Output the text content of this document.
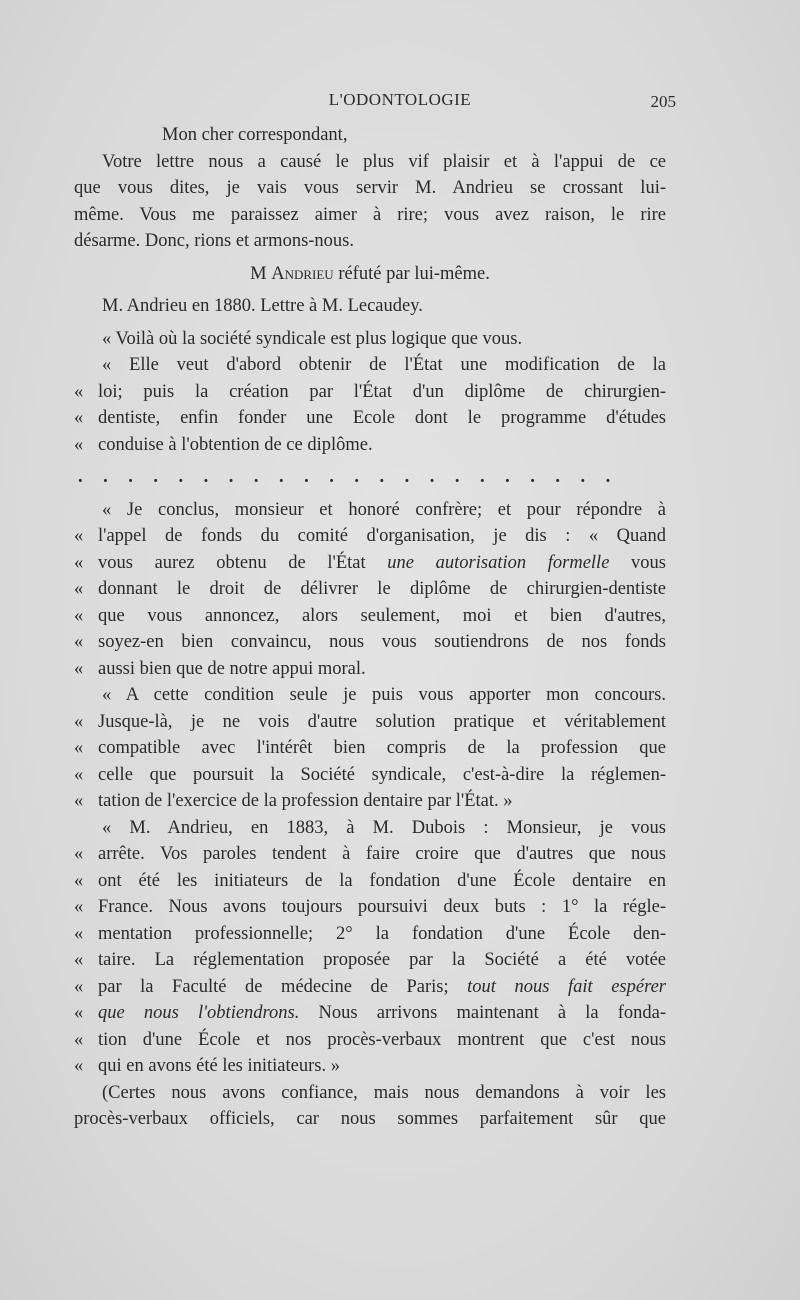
L'ODONTOLOGIE	205
Mon cher correspondant,
Votre lettre nous a causé le plus vif plaisir et à l'appui de ce
que vous dites, je vais vous servir M. Andrieu se crossant lui-
même. Vous me paraissez aimer à rire; vous avez raison, le rire
désarme. Donc, rions et armons-nous.
M Andrieu réfuté par lui-même.
M. Andrieu en 1880. Lettre à M. Lecaudey.
« Voilà où la société syndicale est plus logique que vous.
« Elle veut d'abord obtenir de l'État une modification de la
« loi; puis la création par l'État d'un diplôme de chirurgien-
« dentiste, enfin fonder une Ecole dont le programme d'études
« conduise à l'obtention de ce diplôme.
......................
« Je conclus, monsieur et honoré confrère; et pour répondre à
« l'appel de fonds du comité d'organisation, je dis : « Quand
« vous aurez obtenu de l'État une autorisation formelle vous
« donnant le droit de délivrer le diplôme de chirurgien-dentiste
« que vous annoncez, alors seulement, moi et bien d'autres,
« soyez-en bien convaincu, nous vous soutiendrons de nos fonds
« aussi bien que de notre appui moral.
« A cette condition seule je puis vous apporter mon concours.
« Jusque-là, je ne vois d'autre solution pratique et véritablement
« compatible avec l'intérêt bien compris de la profession que
« celle que poursuit la Société syndicale, c'est-à-dire la réglemen-
« tation de l'exercice de la profession dentaire par l'État. »
« M. Andrieu, en 1883, à M. Dubois : Monsieur, je vous
« arrête. Vos paroles tendent à faire croire que d'autres que nous
« ont été les initiateurs de la fondation d'une École dentaire en
« France. Nous avons toujours poursuivi deux buts : 1° la régle-
« mentation professionnelle; 2° la fondation d'une École den-
« taire. La réglementation proposée par la Société a été votée
« par la Faculté de médecine de Paris; tout nous fait espérer
« que nous l'obtiendrons. Nous arrivons maintenant à la fonda-
« tion d'une École et nos procès-verbaux montrent que c'est nous
« qui en avons été les initiateurs. »
(Certes nous avons confiance, mais nous demandons à voir les
procès-verbaux officiels, car nous sommes parfaitement sûr que
